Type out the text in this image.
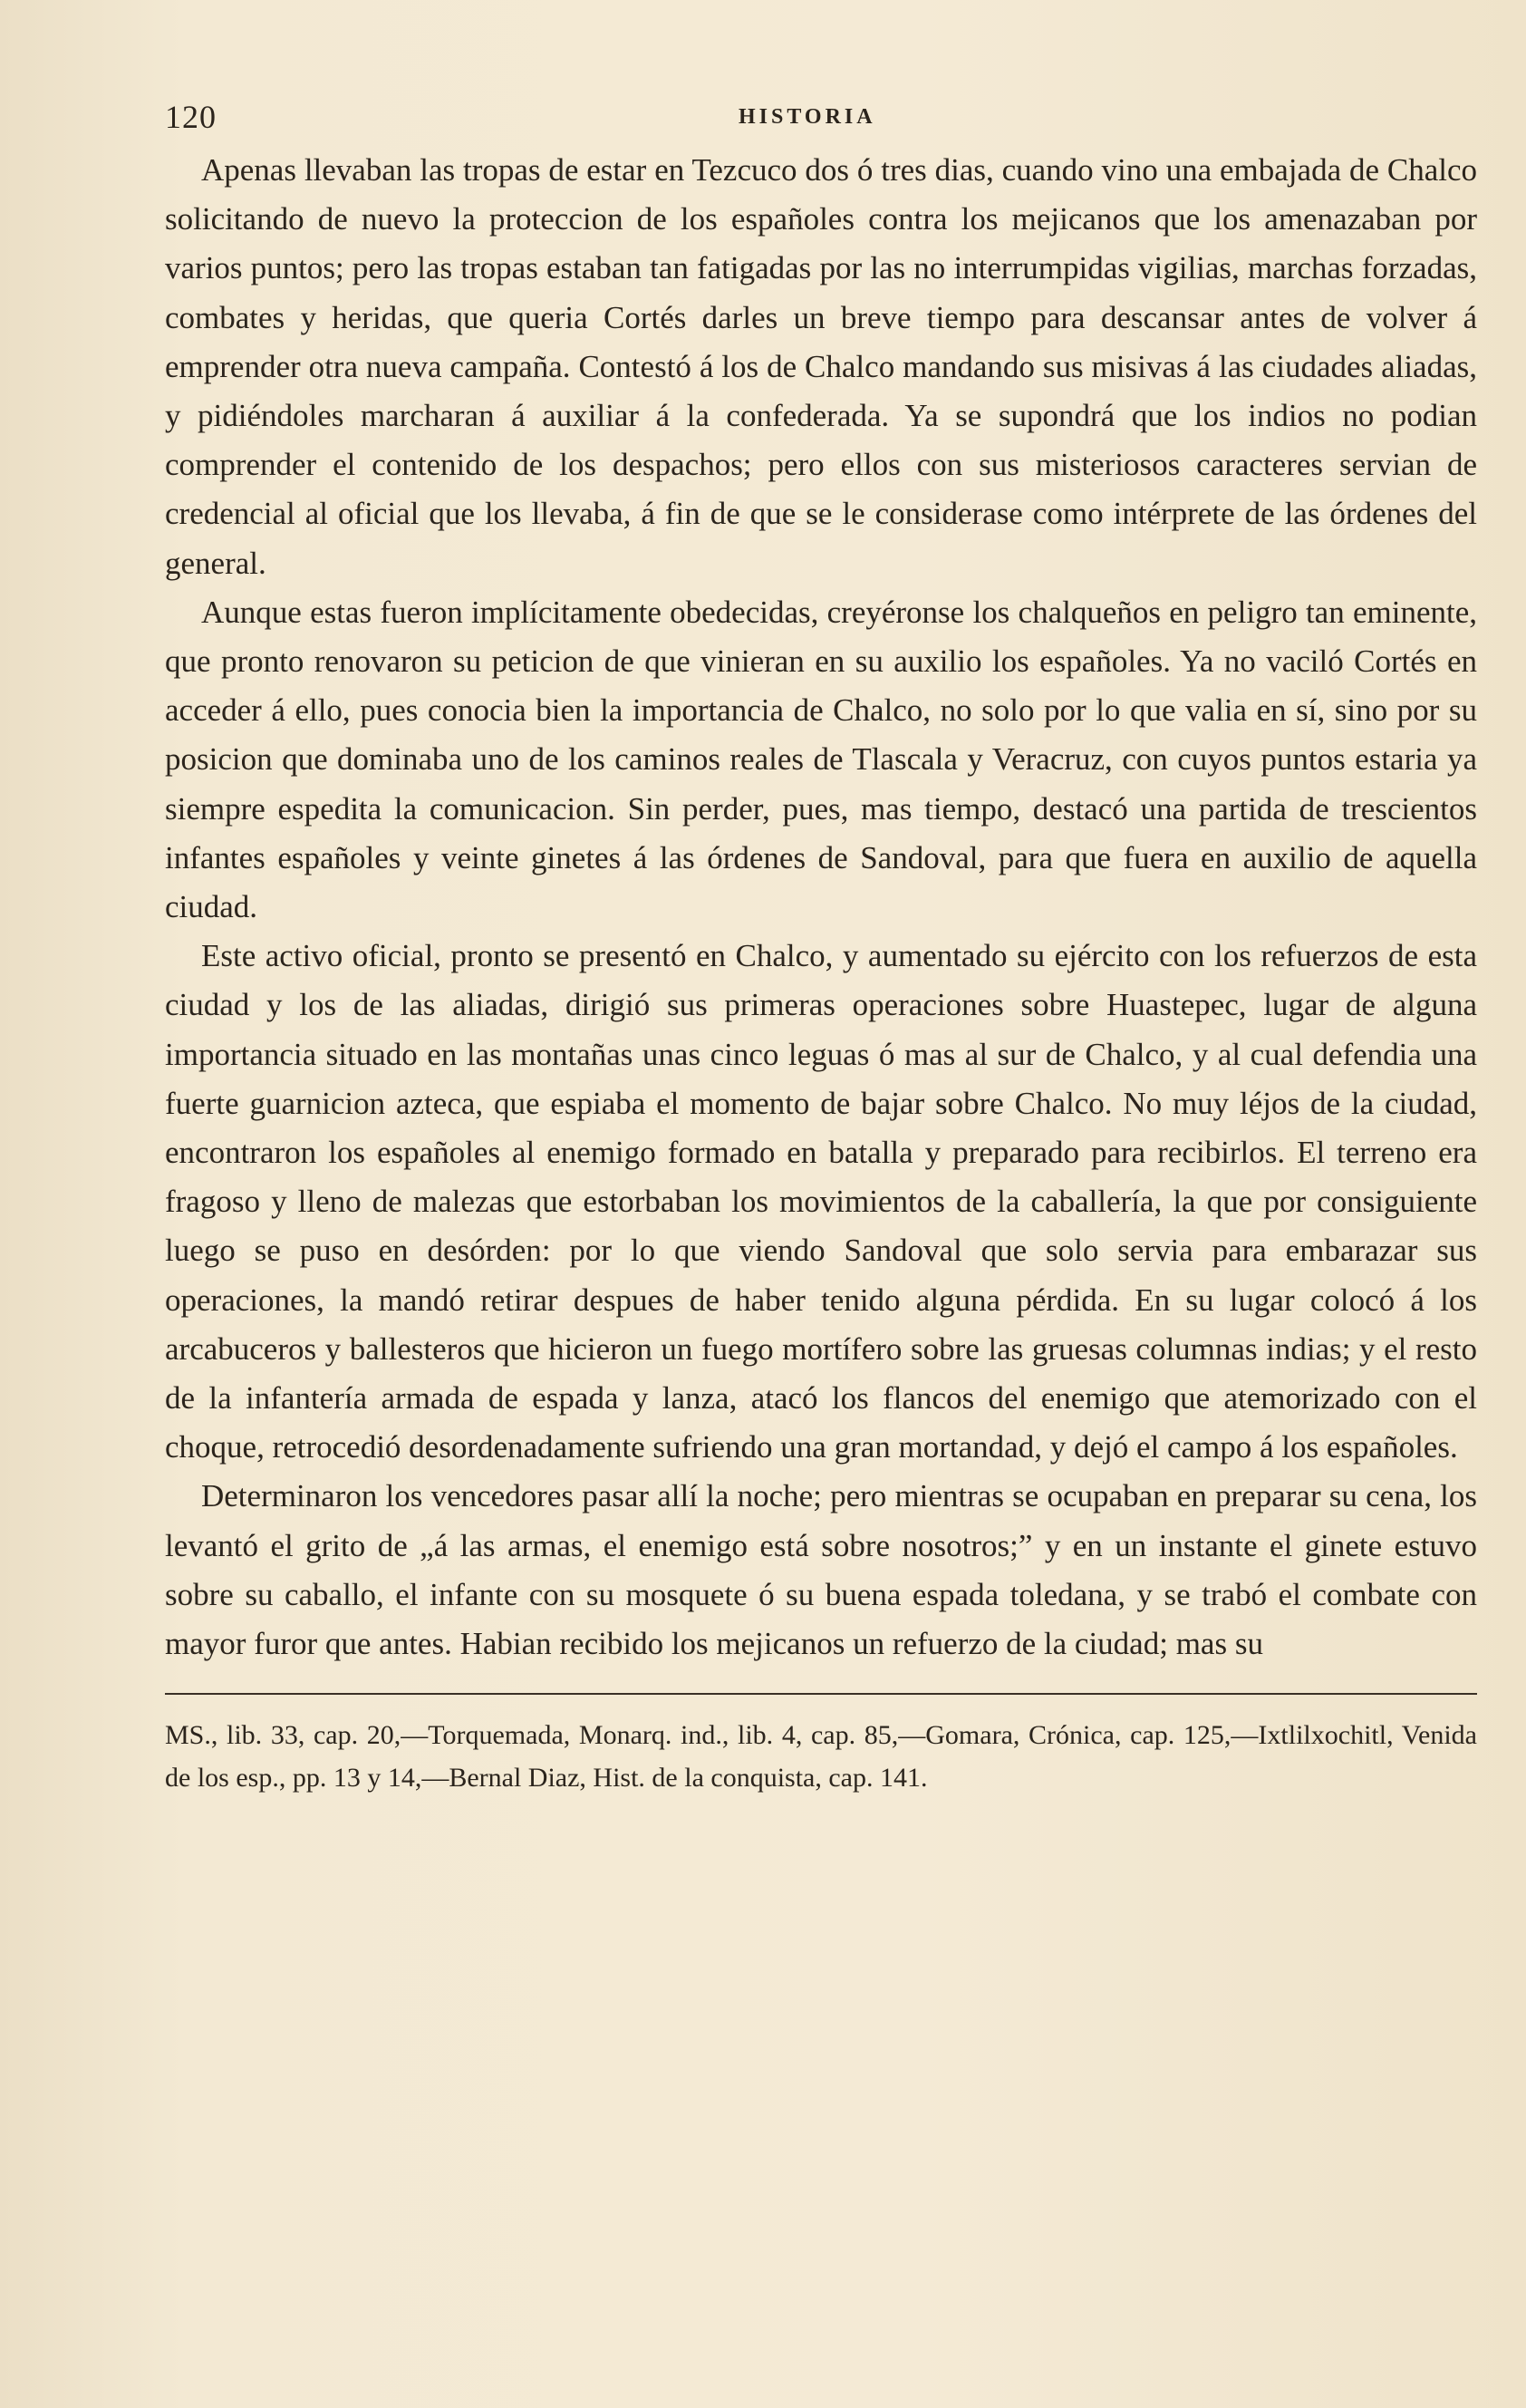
120	HISTORIA

Apenas llevaban las tropas de estar en Tezcuco dos ó tres dias, cuando vino una embajada de Chalco solicitando de nuevo la proteccion de los españoles contra los mejicanos que los amenazaban por varios puntos; pero las tropas estaban tan fatigadas por las no interrumpidas vigilias, marchas forzadas, combates y heridas, que queria Cortés darles un breve tiempo para descansar antes de volver á emprender otra nueva campaña. Contestó á los de Chalco mandando sus misivas á las ciudades aliadas, y pidiéndoles marcharan á auxiliar á la confederada. Ya se supondrá que los indios no podian comprender el contenido de los despachos; pero ellos con sus misteriosos caracteres servian de credencial al oficial que los llevaba, á fin de que se le considerase como intérprete de las órdenes del general.

Aunque estas fueron implícitamente obedecidas, creyéronse los chalqueños en peligro tan eminente, que pronto renovaron su peticion de que vinieran en su auxilio los españoles. Ya no vaciló Cortés en acceder á ello, pues conocia bien la importancia de Chalco, no solo por lo que valia en sí, sino por su posicion que dominaba uno de los caminos reales de Tlascala y Veracruz, con cuyos puntos estaria ya siempre espedita la comunicacion. Sin perder, pues, mas tiempo, destacó una partida de trescientos infantes españoles y veinte ginetes á las órdenes de Sandoval, para que fuera en auxilio de aquella ciudad.

Este activo oficial, pronto se presentó en Chalco, y aumentado su ejército con los refuerzos de esta ciudad y los de las aliadas, dirigió sus primeras operaciones sobre Huastepec, lugar de alguna importancia situado en las montañas unas cinco leguas ó mas al sur de Chalco, y al cual defendia una fuerte guarnicion azteca, que espiaba el momento de bajar sobre Chalco. No muy léjos de la ciudad, encontraron los españoles al enemigo formado en batalla y preparado para recibirlos. El terreno era fragoso y lleno de malezas que estorbaban los movimientos de la caballería, la que por consiguiente luego se puso en desórden: por lo que viendo Sandoval que solo servia para embarazar sus operaciones, la mandó retirar despues de haber tenido alguna pérdida. En su lugar colocó á los arcabuceros y ballesteros que hicieron un fuego mortífero sobre las gruesas columnas indias; y el resto de la infantería armada de espada y lanza, atacó los flancos del enemigo que atemorizado con el choque, retrocedió desordenadamente sufriendo una gran mortandad, y dejó el campo á los españoles.

Determinaron los vencedores pasar allí la noche; pero mientras se ocupaban en preparar su cena, los levantó el grito de „á las armas, el enemigo está sobre nosotros;” y en un instante el ginete estuvo sobre su caballo, el infante con su mosquete ó su buena espada toledana, y se trabó el combate con mayor furor que antes. Habian recibido los mejicanos un refuerzo de la ciudad; mas su

MS., lib. 33, cap. 20,—Torquemada, Monarq. ind., lib. 4, cap. 85,—Gomara, Crónica, cap. 125,—Ixtlilxochitl, Venida de los esp., pp. 13 y 14,—Bernal Diaz, Hist. de la conquista, cap. 141.
